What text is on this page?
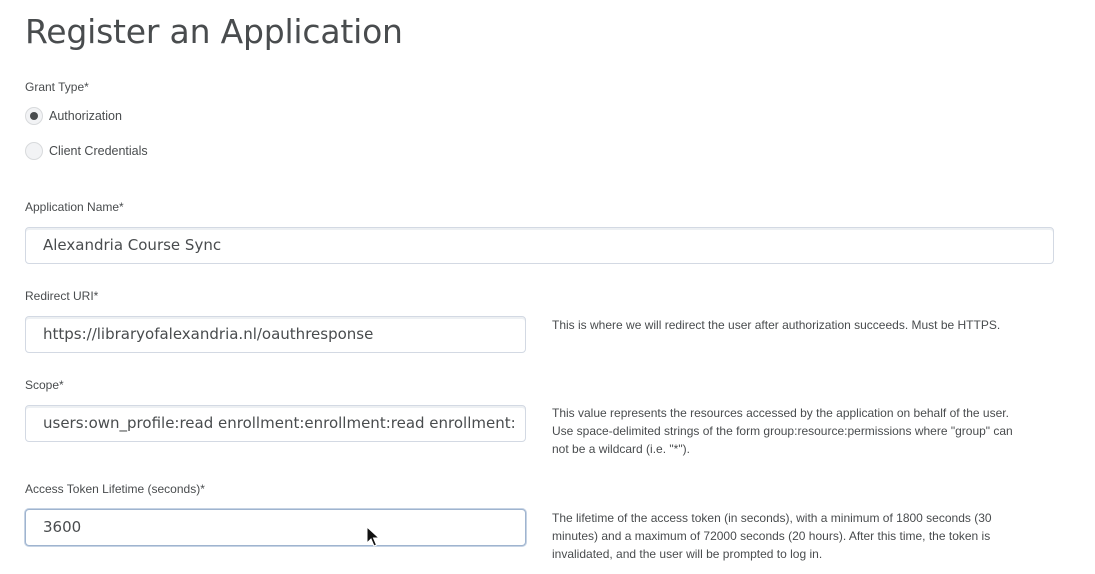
Register an Application
Grant Type*
Authorization
Client Credentials
Application Name*
Alexandria Course Sync
Redirect URI*
https://libraryofalexandria.nl/oauthresponse	This is where we will redirect the user after authorization succeeds. Must be HTTPS.
Scope*
users:own_profile:read enrollment:enrollment:read enrollment:
This value represents the resources accessed by the application on behalf of the user.
Use space-delimited strings of the form group:resource:permissions where "group" can
not be a wildcard (i.e. "*").
Access Token Lifetime (seconds)*
3600	The lifetime of the access token (in seconds), with a minimum of 1800 seconds (30
minutes) and a maximum of 72000 seconds (20 hours). After this time, the token is
invalidated, and the user will be prompted to log in.
